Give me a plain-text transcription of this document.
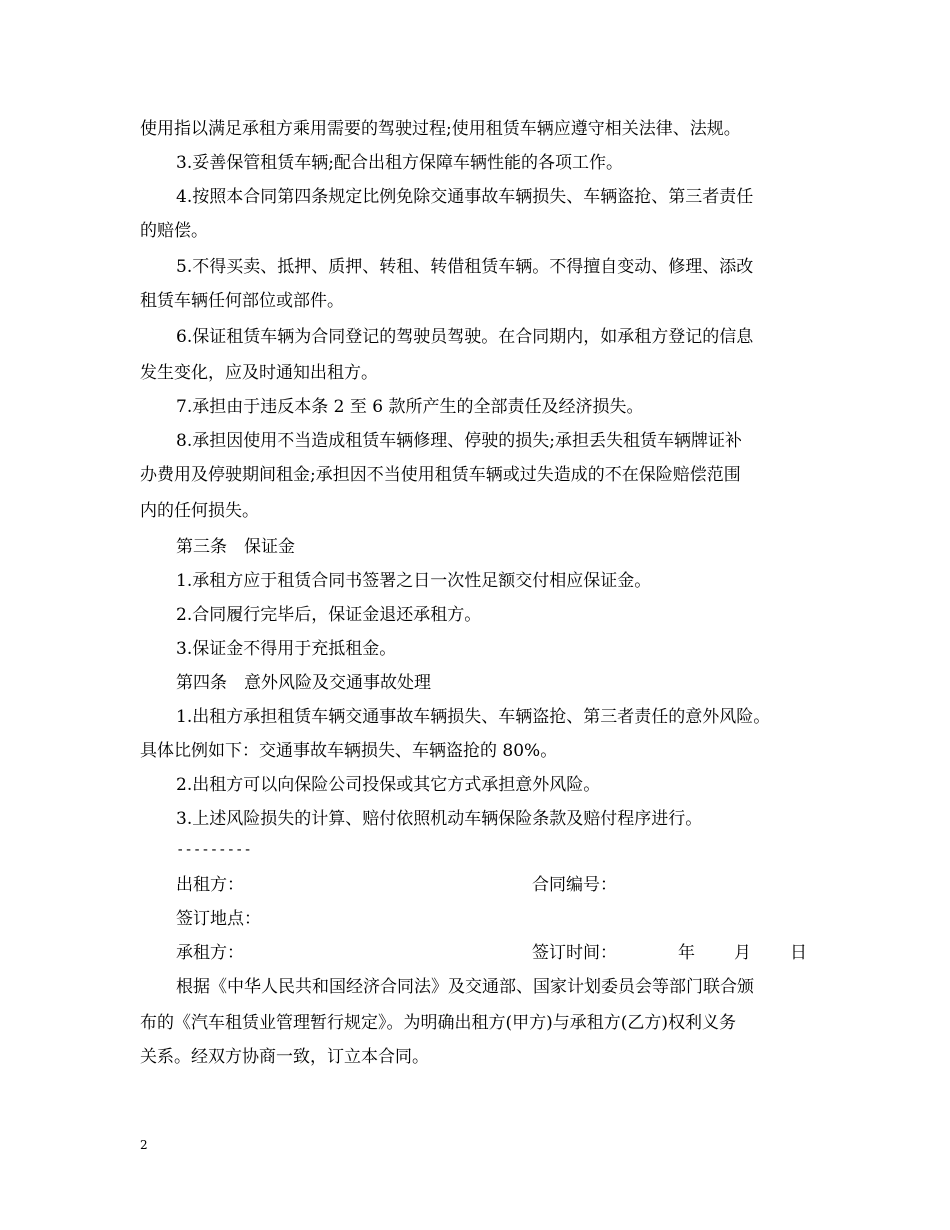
使用指以满足承租方乘用需要的驾驶过程;使用租赁车辆应遵守相关法律、法规。
3.妥善保管租赁车辆;配合出租方保障车辆性能的各项工作。
4.按照本合同第四条规定比例免除交通事故车辆损失、车辆盗抢、第三者责任
的赔偿。
5.不得买卖、抵押、质押、转租、转借租赁车辆。不得擅自变动、修理、添改
租赁车辆任何部位或部件。
6.保证租赁车辆为合同登记的驾驶员驾驶。在合同期内，如承租方登记的信息
发生变化，应及时通知出租方。
7.承担由于违反本条 2 至 6 款所产生的全部责任及经济损失。
8.承担因使用不当造成租赁车辆修理、停驶的损失;承担丢失租赁车辆牌证补
办费用及停驶期间租金;承担因不当使用租赁车辆或过失造成的不在保险赔偿范围
内的任何损失。
第三条　保证金
1.承租方应于租赁合同书签署之日一次性足额交付相应保证金。
2.合同履行完毕后，保证金退还承租方。
3.保证金不得用于充抵租金。
第四条　意外风险及交通事故处理
1.出租方承担租赁车辆交通事故车辆损失、车辆盗抢、第三者责任的意外风险。
具体比例如下：交通事故车辆损失、车辆盗抢的 80%。
2.出租方可以向保险公司投保或其它方式承担意外风险。
3.上述风险损失的计算、赔付依照机动车辆保险条款及赔付程序进行。
---------
出租方：	合同编号：
签订地点：
承租方：	签订时间：	年 月 日
根据《中华人民共和国经济合同法》及交通部、国家计划委员会等部门联合颁
布的《汽车租赁业管理暂行规定》。为明确出租方(甲方)与承租方(乙方)权利义务
关系。经双方协商一致，订立本合同。
2
